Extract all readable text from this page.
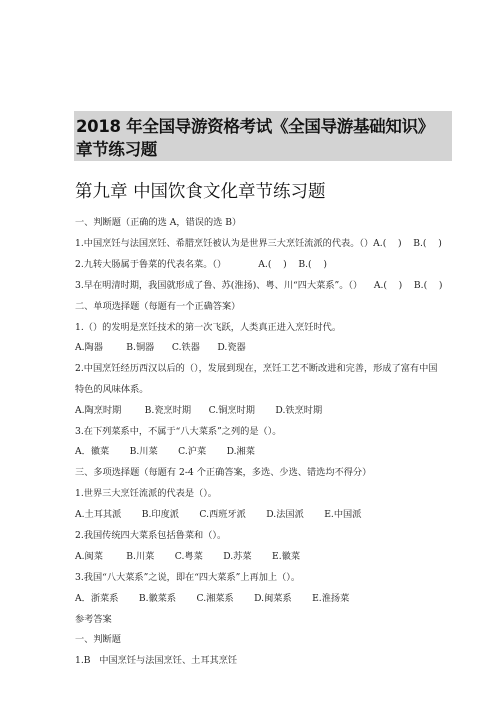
2018 年全国导游资格考试《全国导游基础知识》
章节练习题
第九章 中国饮食文化章节练习题
一、判断题（正确的选 A，错误的选 B）
1.中国烹饪与法国烹饪、希腊烹饪被认为是世界三大烹饪流派的代表。（）A.(    )    B.(    )
2.九转大肠属于鲁菜的代表名菜。（）           A.(    )    B.(    )
3.早在明清时期，我国就形成了鲁、苏(淮扬)、粤、川“四大菜系”。（）    A.(    )    B.(    )
二、单项选择题（每题有一个正确答案）
1.（）的发明是烹饪技术的第一次飞跃，人类真正进入烹饪时代。
A.陶器        B.铜器      C.铁器      D.瓷器
2.中国烹饪经历西汉以后的（），发展到现在，烹饪工艺不断改进和完善，形成了富有中国
特色的风味体系。
A.陶烹时期        B.瓷烹时期      C.铜烹时期       D.铁烹时期
3.在下列菜系中，不属于“八大菜系”之列的是（）。
A．徽菜       B.川菜       C.沪菜       D.湘菜
三、多项选择题（每题有 2-4 个正确答案，多选、少选、错选均不得分）
1.世界三大烹饪流派的代表是（）。
A.土耳其派       B.印度派       C.西班牙派       D.法国派       E.中国派
2.我国传统四大菜系包括鲁菜和（）。
A.闽菜        B.川菜       C.粤菜       D.苏菜       E.徽菜
3.我国“八大菜系”之说，即在“四大菜系”上再加上（）。
A．浙菜系       B.徽菜系       C.湘菜系       D.闽菜系       E.淮扬菜
参考答案
一、判断题
1.B   中国烹饪与法国烹饪、土耳其烹饪
